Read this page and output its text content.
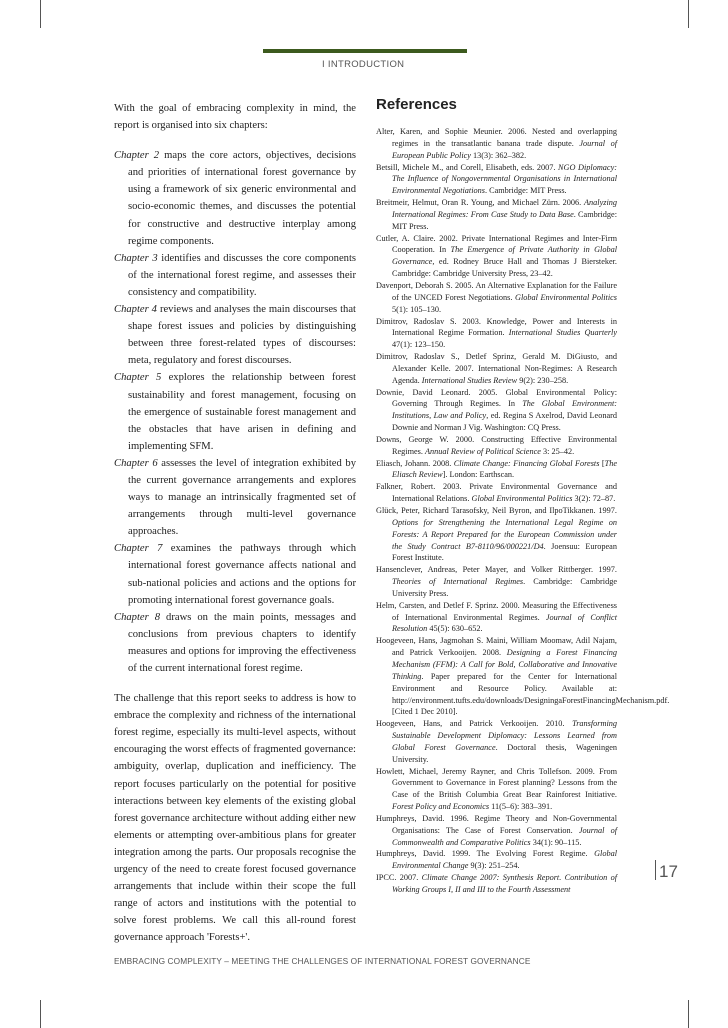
I INTRODUCTION

With the goal of embracing complexity in mind, the report is organised into six chapters:

Chapter 2 maps the core actors, objectives, decisions and priorities of international forest governance by using a framework of six generic environmental and socio-economic themes, and discusses the potential for constructive and destructive interplay among regime components.

Chapter 3 identifies and discusses the core components of the international forest regime, and assesses their consistency and compatibility.

Chapter 4 reviews and analyses the main discourses that shape forest issues and policies by distinguishing between three forest-related types of discourses: meta, regulatory and forest discourses.

Chapter 5 explores the relationship between forest sustainability and forest management, focusing on the emergence of sustainable forest management and the obstacles that have arisen in defining and implementing SFM.

Chapter 6 assesses the level of integration exhibited by the current governance arrangements and explores ways to manage an intrinsically fragmented set of arrangements through multi-level governance approaches.

Chapter 7 examines the pathways through which international forest governance affects national and sub-national policies and actions and the options for promoting international forest governance goals.

Chapter 8 draws on the main points, messages and conclusions from previous chapters to identify measures and options for improving the effectiveness of the current international forest regime.

The challenge that this report seeks to address is how to embrace the complexity and richness of the international forest regime, especially its multi-level aspects, without encouraging the worst effects of fragmented governance: ambiguity, overlap, duplication and inefficiency. The report focuses particularly on the potential for positive interactions between key elements of the existing global forest governance architecture without adding either new elements or attempting over-ambitious plans for greater integration among the parts. Our proposals recognise the urgency of the need to create forest focused governance arrangements that include within their scope the full range of actors and institutions with the potential to solve forest problems. We call this all-round forest governance approach 'Forests+'.

References

Alter, Karen, and Sophie Meunier. 2006. Nested and overlapping regimes in the transatlantic banana trade dispute. Journal of European Public Policy 13(3): 362–382.

Betsill, Michele M., and Corell, Elisabeth, eds. 2007. NGO Diplomacy: The Influence of Nongovernmental Organisations in International Environmental Negotiations. Cambridge: MIT Press.

Breitmeir, Helmut, Oran R. Young, and Michael Zürn. 2006. Analyzing International Regimes: From Case Study to Data Base. Cambridge: MIT Press.

Cutler, A. Claire. 2002. Private International Regimes and Inter-Firm Cooperation. In The Emergence of Private Authority in Global Governance, ed. Rodney Bruce Hall and Thomas J Biersteker. Cambridge: Cambridge University Press, 23–42.

Davenport, Deborah S. 2005. An Alternative Explanation for the Failure of the UNCED Forest Negotiations. Global Environmental Politics 5(1): 105–130.

Dimitrov, Radoslav S. 2003. Knowledge, Power and Interests in International Regime Formation. International Studies Quarterly 47(1): 123–150.

Dimitrov, Radoslav S., Detlef Sprinz, Gerald M. DiGiusto, and Alexander Kelle. 2007. International Non-Regimes: A Research Agenda. International Studies Review 9(2): 230–258.

Downie, David Leonard. 2005. Global Environmental Policy: Governing Through Regimes. In The Global Environment: Institutions, Law and Policy, ed. Regina S Axelrod, David Leonard Downie and Norman J Vig. Washington: CQ Press.

Downs, George W. 2000. Constructing Effective Environmental Regimes. Annual Review of Political Science 3: 25–42.

Eliasch, Johann. 2008. Climate Change: Financing Global Forests [The Eliasch Review]. London: Earthscan.

Falkner, Robert. 2003. Private Environmental Governance and International Relations. Global Environmental Politics 3(2): 72–87.

Glück, Peter, Richard Tarasofsky, Neil Byron, and IlpoTikkanen. 1997. Options for Strengthening the International Legal Regime on Forests: A Report Prepared for the European Commission under the Study Contract B7-8110/96/000221/D4. Joensuu: European Forest Institute.

Hansenclever, Andreas, Peter Mayer, and Volker Rittberger. 1997. Theories of International Regimes. Cambridge: Cambridge University Press.

Helm, Carsten, and Detlef F. Sprinz. 2000. Measuring the Effectiveness of International Environmental Regimes. Journal of Conflict Resolution 45(5): 630–652.

Hoogeveen, Hans, Jagmohan S. Maini, William Moomaw, Adil Najam, and Patrick Verkooijen. 2008. Designing a Forest Financing Mechanism (FFM): A Call for Bold, Collaborative and Innovative Thinking. Paper prepared for the Center for International Environment and Resource Policy. Available at: http://environment.tufts.edu/downloads/DesigningaForestFinancingMechanism.pdf. [Cited 1 Dec 2010].

Hoogeveen, Hans, and Patrick Verkooijen. 2010. Transforming Sustainable Development Diplomacy: Lessons Learned from Global Forest Governance. Doctoral thesis, Wageningen University.

Howlett, Michael, Jeremy Rayner, and Chris Tollefson. 2009. From Government to Governance in Forest planning? Lessons from the Case of the British Columbia Great Bear Rainforest Initiative. Forest Policy and Economics 11(5–6): 383–391.

Humphreys, David. 1996. Regime Theory and Non-Governmental Organisations: The Case of Forest Conservation. Journal of Commonwealth and Comparative Politics 34(1): 90–115.

Humphreys, David. 1999. The Evolving Forest Regime. Global Environmental Change 9(3): 251–254.

IPCC. 2007. Climate Change 2007: Synthesis Report. Contribution of Working Groups I, II and III to the Fourth Assessment

17
EMBRACING COMPLEXITY – MEETING THE CHALLENGES OF INTERNATIONAL FOREST GOVERNANCE
